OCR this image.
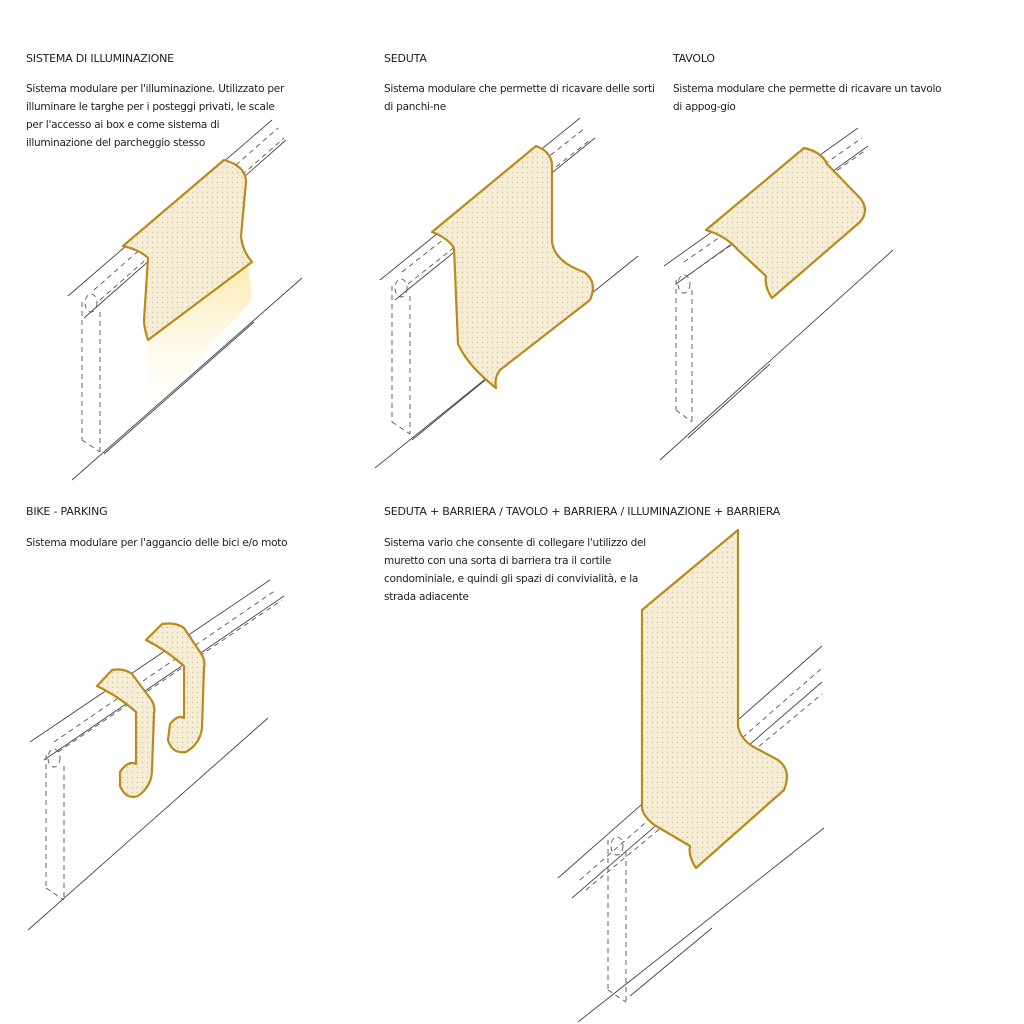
SISTEMA DI ILLUMINAZIONE

Sistema modulare per l'illuminazione. Utilizzato per illuminare le targhe per i posteggi privati, le scale per l'accesso ai box e come sistema di illuminazione del parcheggio stesso

SEDUTA

Sistema modulare che permette di ricavare delle sorti di panchi-ne

TAVOLO

Sistema modulare che permette di ricavare un tavolo di appog-gio

BIKE - PARKING

Sistema modulare per l'aggancio delle bici e/o moto

SEDUTA + BARRIERA / TAVOLO + BARRIERA / ILLUMINAZIONE + BARRIERA

Sistema vario che consente di collegare l'utilizzo del muretto con una sorta di barriera tra il cortile condominiale, e quindi gli spazi di convivialità, e la strada adiacente
